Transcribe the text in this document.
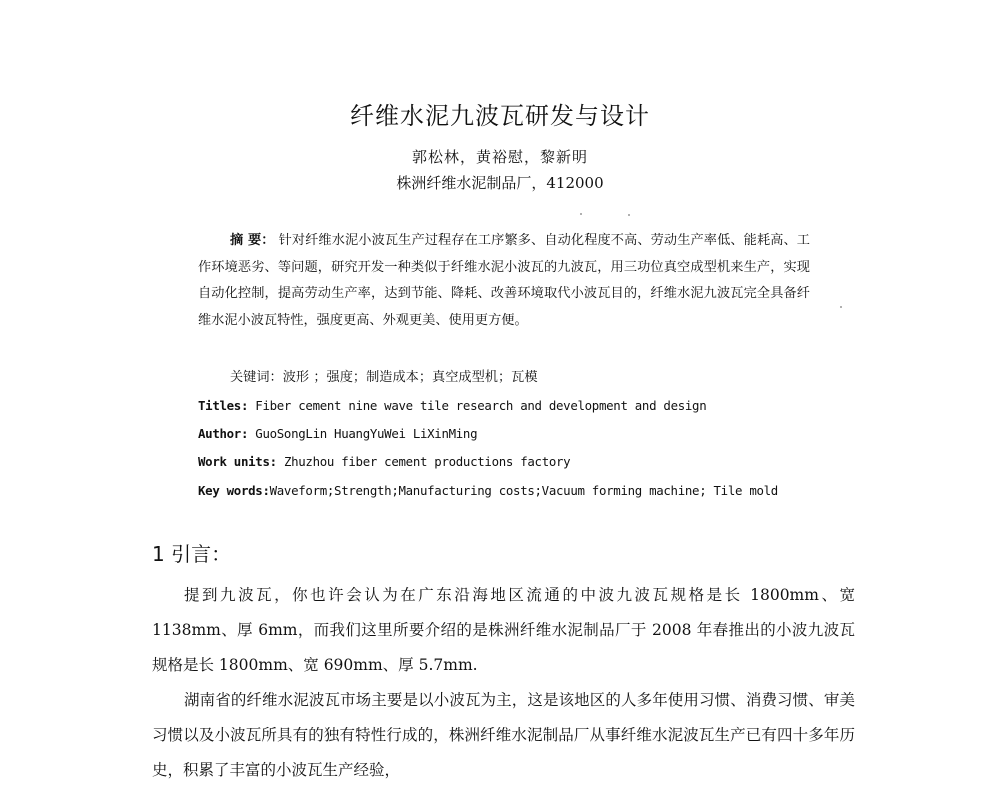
纤维水泥九波瓦研发与设计
郭松林，黄裕慰，黎新明
株洲纤维水泥制品厂，412000
摘 要： 针对纤维水泥小波瓦生产过程存在工序繁多、自动化程度不高、劳动生产率低、能耗高、工作环境恶劣、等问题，研究开发一种类似于纤维水泥小波瓦的九波瓦，用三功位真空成型机来生产，实现自动化控制，提高劳动生产率，达到节能、降耗、改善环境取代小波瓦目的，纤维水泥九波瓦完全具备纤维水泥小波瓦特性，强度更高、外观更美、使用更方便。
关键词：波形 ；强度；制造成本；真空成型机；瓦模
Titles: Fiber cement nine wave tile research and development and design
Author: GuoSongLin HuangYuWei LiXinMing
Work units: Zhuzhou fiber cement productions factory
Key words:Waveform;Strength;Manufacturing costs;Vacuum forming machine; Tile mold
1 引言：

提到九波瓦，你也许会认为在广东沿海地区流通的中波九波瓦规格是长 1800mm、宽 1138mm、厚 6mm，而我们这里所要介绍的是株洲纤维水泥制品厂于 2008 年春推出的小波九波瓦规格是长 1800mm、宽 690mm、厚 5.7mm.

湖南省的纤维水泥波瓦市场主要是以小波瓦为主，这是该地区的人多年使用习惯、消费习惯、审美习惯以及小波瓦所具有的独有特性行成的，株洲纤维水泥制品厂从事纤维水泥波瓦生产已有四十多年历史，积累了丰富的小波瓦生产经验，
